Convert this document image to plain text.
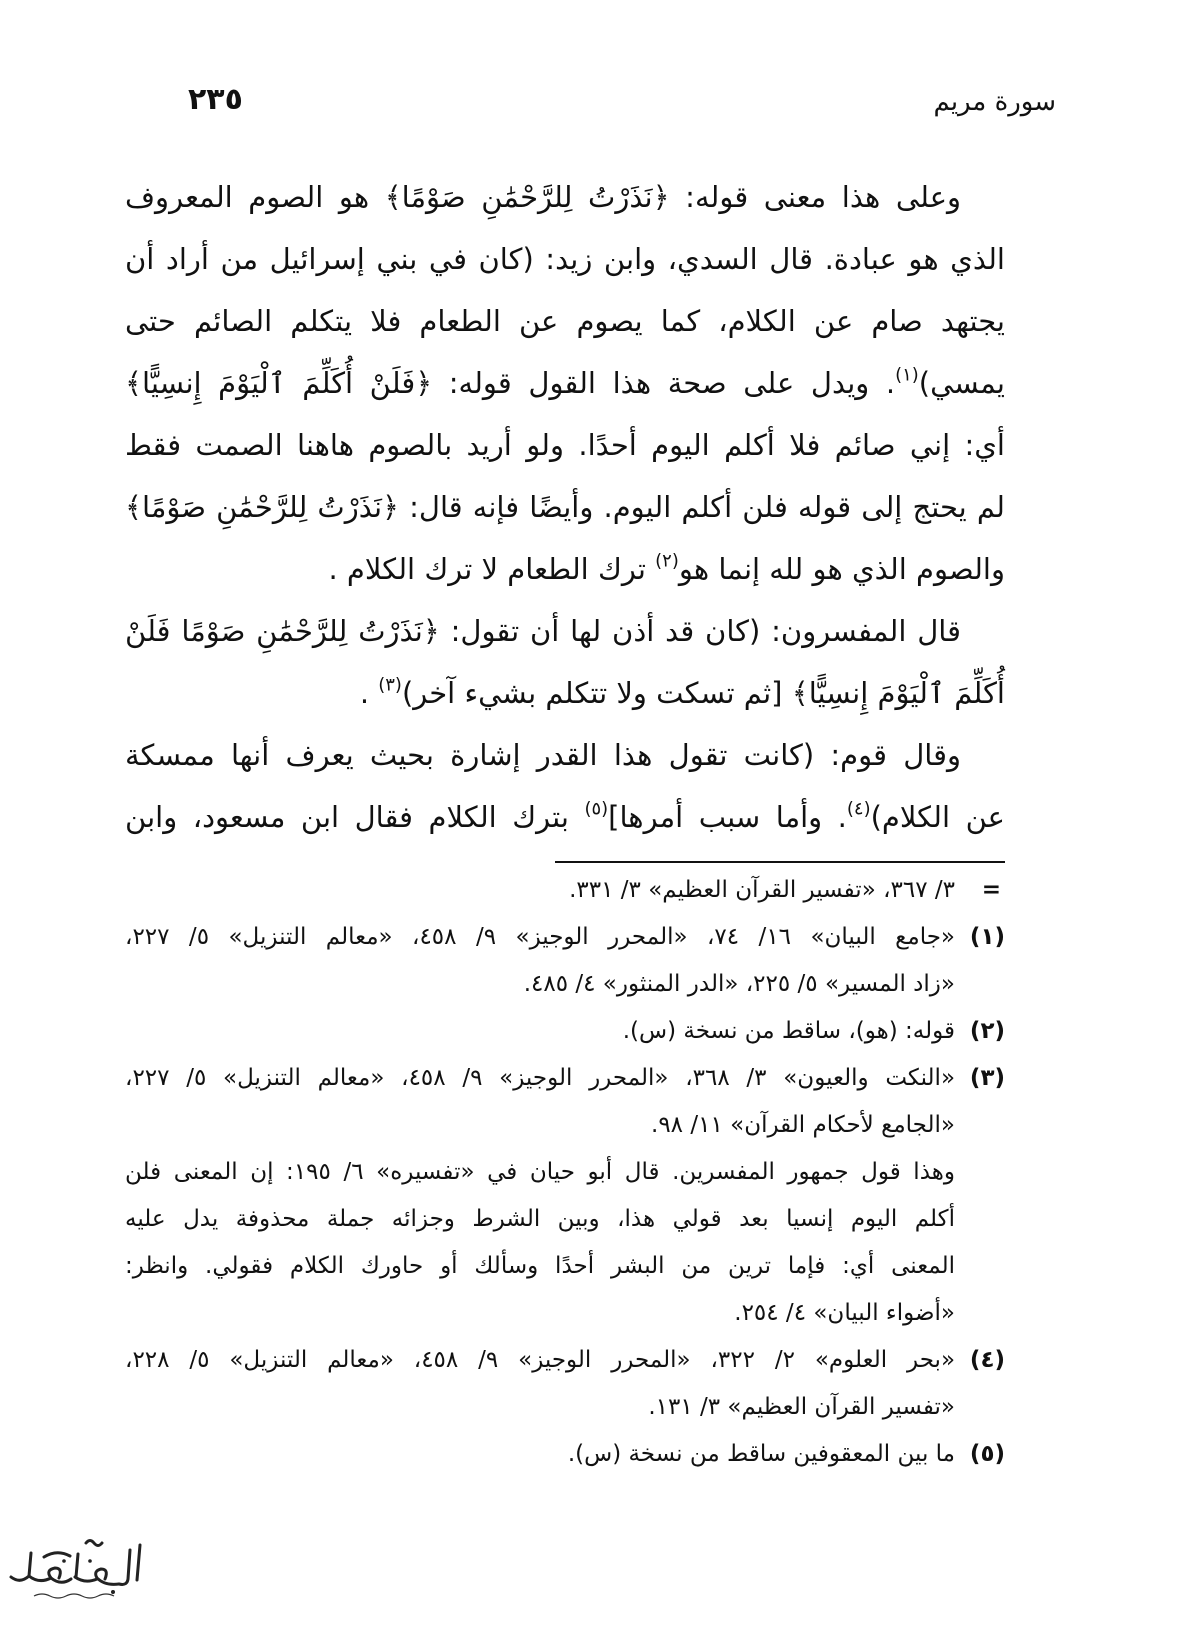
سورة مريم
٢٣٥
وعلى هذا معنى قوله: ﴿نَذَرْتُ لِلرَّحْمَٰنِ صَوْمًا﴾ هو الصوم المعروف
الذي هو عبادة. قال السدي، وابن زيد: (كان في بني إسرائيل من أراد أن
يجتهد صام عن الكلام، كما يصوم عن الطعام فلا يتكلم الصائم حتى
يمسي)$^{(١)}$. ويدل على صحة هذا القول قوله: ﴿فَلَنْ أُكَلِّمَ ٱلْيَوْمَ إِنسِيًّا﴾
أي: إني صائم فلا أكلم اليوم أحدًا. ولو أريد بالصوم هاهنا الصمت فقط
لم يحتج إلى قوله فلن أكلم اليوم. وأيضًا فإنه قال: ﴿نَذَرْتُ لِلرَّحْمَٰنِ صَوْمًا﴾
والصوم الذي هو لله إنما هو$^{(٢)}$ ترك الطعام لا ترك الكلام .
قال المفسرون: (كان قد أذن لها أن تقول: ﴿نَذَرْتُ لِلرَّحْمَٰنِ صَوْمًا فَلَنْ
أُكَلِّمَ ٱلْيَوْمَ إِنسِيًّا﴾ [ثم تسكت ولا تتكلم بشيء آخر)$^{(٣)}$ .
وقال قوم: (كانت تقول هذا القدر إشارة بحيث يعرف أنها ممسكة
عن الكلام)$^{(٤)}$. وأما سبب أمرها]$^{(٥)}$ بترك الكلام فقال ابن مسعود، وابن
=
٣/ ٣٦٧، «تفسير القرآن العظيم» ٣/ ٣٣١.
(١)
«جامع البيان» ١٦/ ٧٤، «المحرر الوجيز» ٩/ ٤٥٨، «معالم التنزيل» ٥/ ٢٢٧،
«زاد المسير» ٥/ ٢٢٥، «الدر المنثور» ٤/ ٤٨٥.
(٢)
قوله: (هو)، ساقط من نسخة (س).
(٣)
«النكت والعيون» ٣/ ٣٦٨، «المحرر الوجيز» ٩/ ٤٥٨، «معالم التنزيل» ٥/ ٢٢٧،
«الجامع لأحكام القرآن» ١١/ ٩٨.
وهذا قول جمهور المفسرين. قال أبو حيان في «تفسيره» ٦/ ١٩٥: إن المعنى فلن
أكلم اليوم إنسيا بعد قولي هذا، وبين الشرط وجزائه جملة محذوفة يدل عليه
المعنى أي: فإما ترين من البشر أحدًا وسألك أو حاورك الكلام فقولي. وانظر:
«أضواء البيان» ٤/ ٢٥٤.
(٤)
«بحر العلوم» ٢/ ٣٢٢، «المحرر الوجيز» ٩/ ٤٥٨، «معالم التنزيل» ٥/ ٢٢٨،
«تفسير القرآن العظيم» ٣/ ١٣١.
(٥)
ما بين المعقوفين ساقط من نسخة (س).
